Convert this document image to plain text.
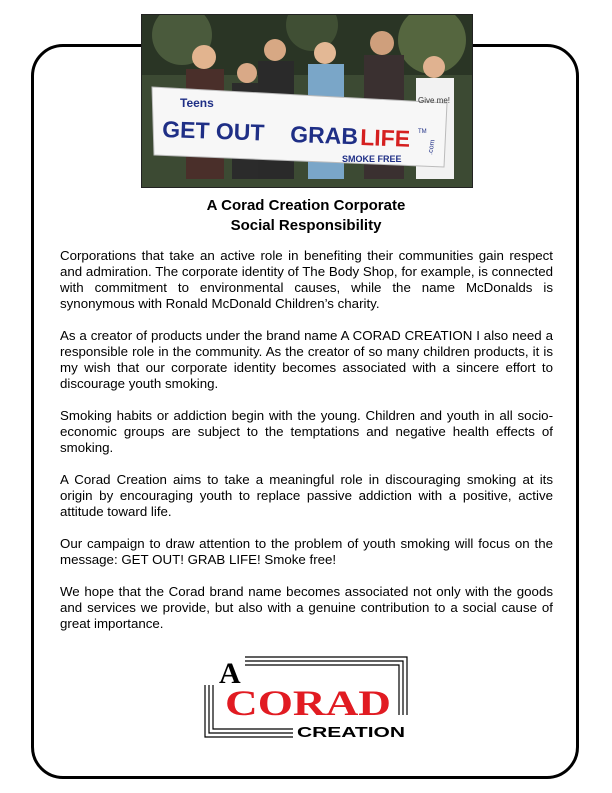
Teens
GET OUT GRAB LIFE TM
SMOKE FREE
.com
Give me!
A Corad Creation Corporate
Social Responsibility

Corporations that take an active role in benefiting their communities gain respect and admiration. The corporate identity of The Body Shop, for example, is connected with commitment to environmental causes, while the name McDonalds is synonymous with Ronald McDonald Children’s charity.

As a creator of products under the brand name A CORAD CREATION I also need a responsible role in the community. As the creator of so many children products, it is my wish that our corporate identity becomes associated with a sincere effort to discourage youth smoking.

Smoking habits or addiction begin with the young. Children and youth in all socio-economic groups are subject to the temptations and negative health effects of smoking.

A Corad Creation aims to take a meaningful role in discouraging smoking at its origin by encouraging youth to replace passive addiction with a positive, active attitude toward life.

Our campaign to draw attention to the problem of youth smoking will focus on the message: GET OUT! GRAB LIFE! Smoke free!

We hope that the Corad brand name becomes associated not only with the goods and services we provide, but also with a genuine contribution to a social cause of great importance.

A
CORAD
CREATION
